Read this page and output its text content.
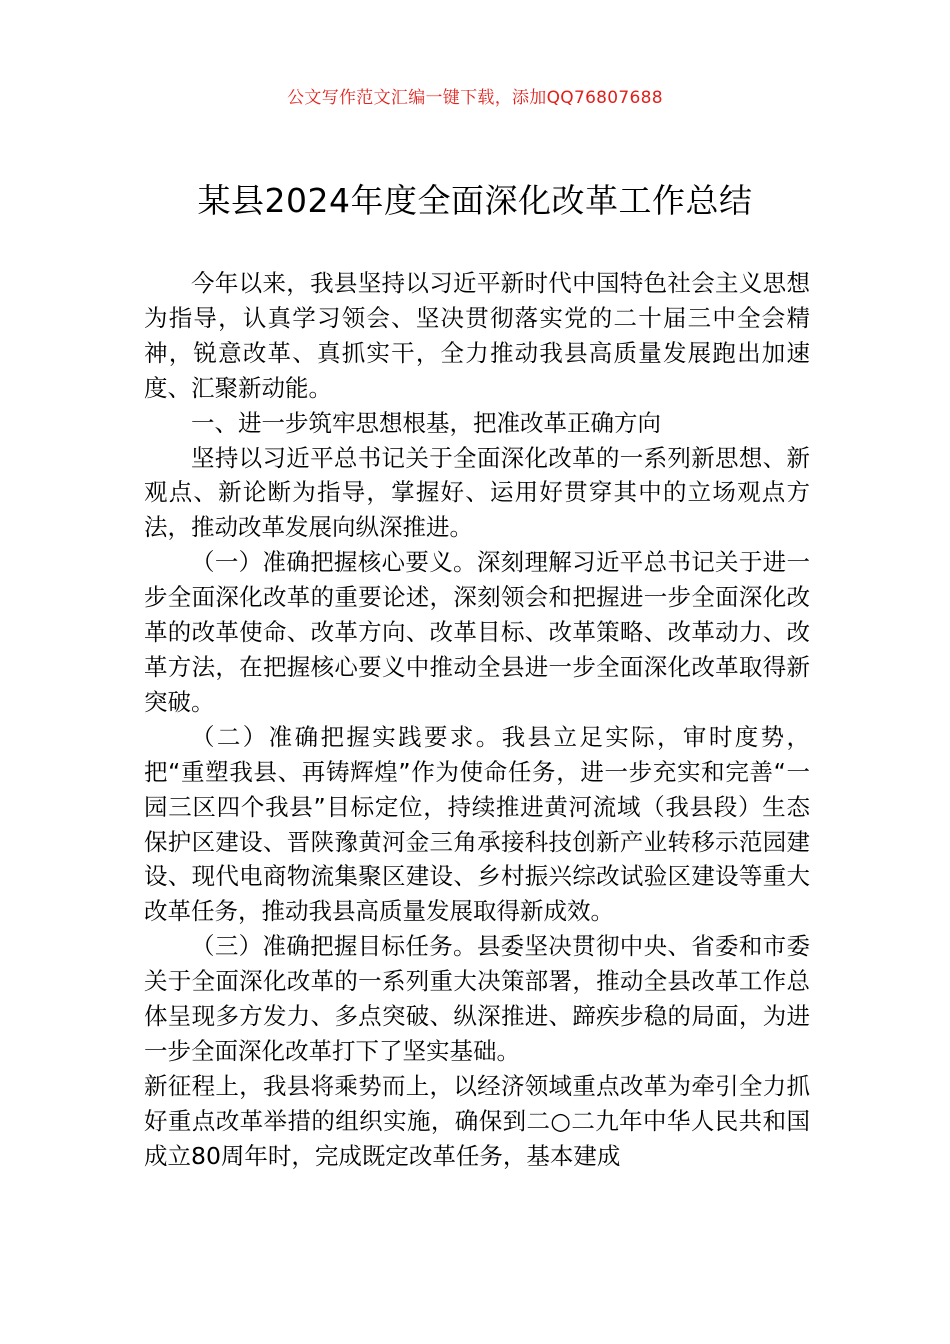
公文写作范文汇编一键下载，添加QQ76807688
某县2024年度全面深化改革工作总结

今年以来，我县坚持以习近平新时代中国特色社会主义思想为指导，认真学习领会、坚决贯彻落实党的二十届三中全会精神，锐意改革、真抓实干，全力推动我县高质量发展跑出加速度、汇聚新动能。

一、进一步筑牢思想根基，把准改革正确方向

坚持以习近平总书记关于全面深化改革的一系列新思想、新观点、新论断为指导，掌握好、运用好贯穿其中的立场观点方法，推动改革发展向纵深推进。

（一）准确把握核心要义。深刻理解习近平总书记关于进一步全面深化改革的重要论述，深刻领会和把握进一步全面深化改革的改革使命、改革方向、改革目标、改革策略、改革动力、改革方法，在把握核心要义中推动全县进一步全面深化改革取得新突破。

（二）准确把握实践要求。我县立足实际，审时度势，把“重塑我县、再铸辉煌”作为使命任务，进一步充实和完善“一园三区四个我县”目标定位，持续推进黄河流域（我县段）生态保护区建设、晋陕豫黄河金三角承接科技创新产业转移示范园建设、现代电商物流集聚区建设、乡村振兴综改试验区建设等重大改革任务，推动我县高质量发展取得新成效。

（三）准确把握目标任务。县委坚决贯彻中央、省委和市委关于全面深化改革的一系列重大决策部署，推动全县改革工作总体呈现多方发力、多点突破、纵深推进、蹄疾步稳的局面，为进一步全面深化改革打下了坚实基础。

新征程上，我县将乘势而上，以经济领域重点改革为牵引全力抓好重点改革举措的组织实施，确保到二○二九年中华人民共和国成立80周年时，完成既定改革任务，基本建成
